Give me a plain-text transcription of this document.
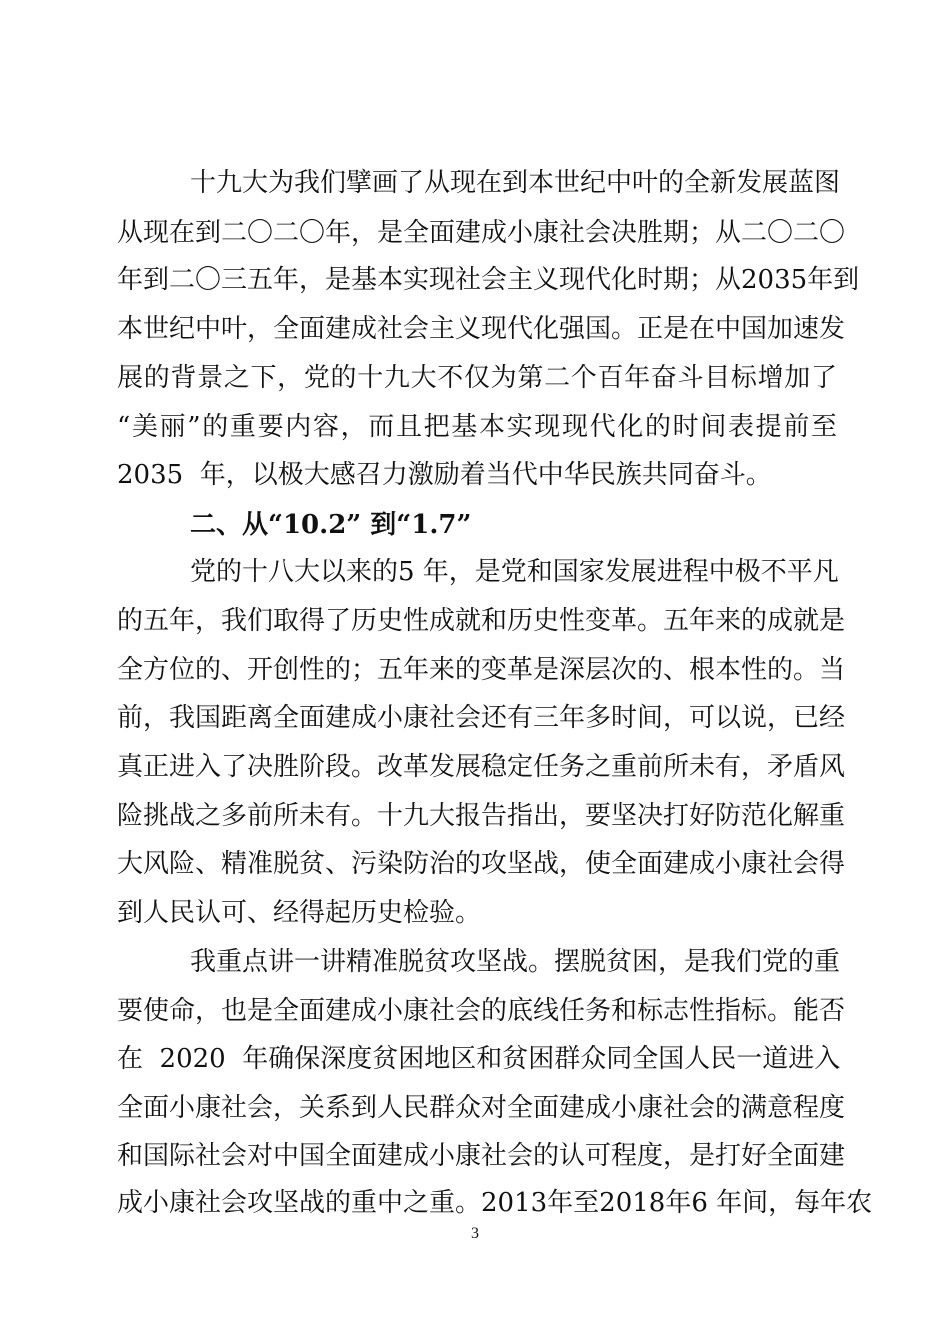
十九大为我们擘画了从现在到本世纪中叶的全新发展蓝图
从现在到二〇二〇年，是全面建成小康社会决胜期；从二〇二〇
年到二〇三五年，是基本实现社会主义现代化时期；从2035年到
本世纪中叶，全面建成社会主义现代化强国。正是在中国加速发
展的背景之下，党的十九大不仅为第二个百年奋斗目标增加了
“美丽”的重要内容，而且把基本实现现代化的时间表提前至
2035  年，以极大感召力激励着当代中华民族共同奋斗。
二、从“10.2” 到“1.7”
党的十八大以来的5 年，是党和国家发展进程中极不平凡
的五年，我们取得了历史性成就和历史性变革。五年来的成就是
全方位的、开创性的；五年来的变革是深层次的、根本性的。当
前，我国距离全面建成小康社会还有三年多时间，可以说，已经
真正进入了决胜阶段。改革发展稳定任务之重前所未有，矛盾风
险挑战之多前所未有。十九大报告指出，要坚决打好防范化解重
大风险、精准脱贫、污染防治的攻坚战，使全面建成小康社会得
到人民认可、经得起历史检验。
我重点讲一讲精准脱贫攻坚战。摆脱贫困，是我们党的重
要使命，也是全面建成小康社会的底线任务和标志性指标。能否
在  2020  年确保深度贫困地区和贫困群众同全国人民一道进入
全面小康社会，关系到人民群众对全面建成小康社会的满意程度
和国际社会对中国全面建成小康社会的认可程度，是打好全面建
成小康社会攻坚战的重中之重。2013年至2018年6 年间，每年农
3
